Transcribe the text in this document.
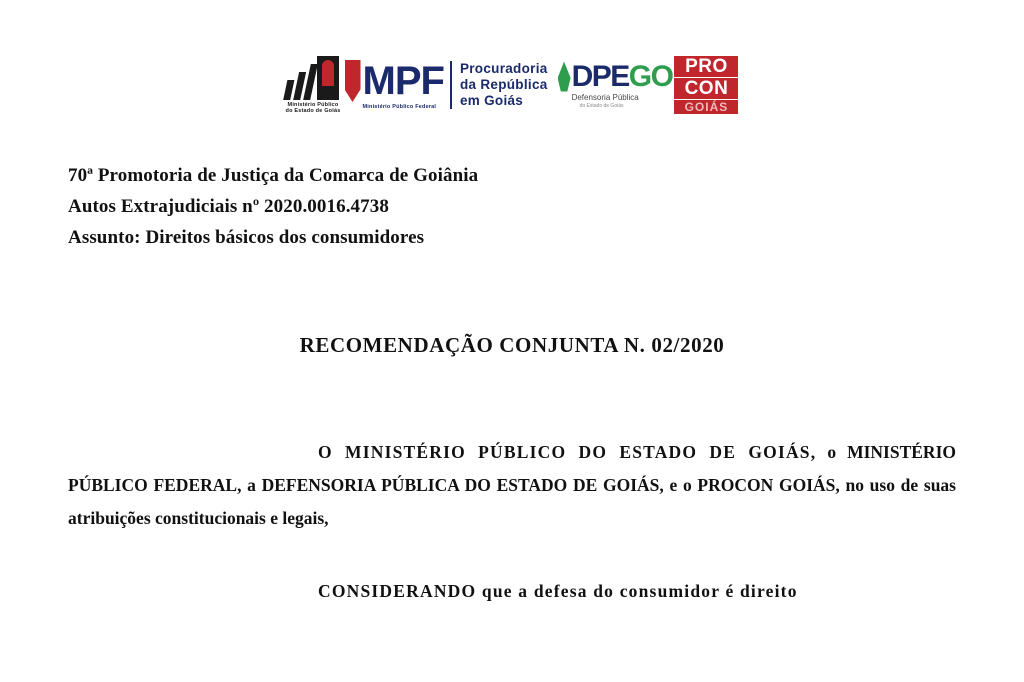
Ministério Público
do Estado de Goiás
MPF
Ministério Público Federal
Procuradoria
da República
em Goiás
DPEGO
Defensoria Pública
do Estado de Goiás
PRO
CON
GOIÁS
70ª Promotoria de Justiça da Comarca de Goiânia
Autos Extrajudiciais nº 2020.0016.4738
Assunto: Direitos básicos dos consumidores
RECOMENDAÇÃO CONJUNTA N. 02/2020
O MINISTÉRIO PÚBLICO DO ESTADO DE GOIÁS, o MINISTÉRIO PÚBLICO FEDERAL, a DEFENSORIA PÚBLICA DO ESTADO DE GOIÁS, e o PROCON GOIÁS, no uso de suas atribuições constitucionais e legais,
CONSIDERANDO que a defesa do consumidor é direito
